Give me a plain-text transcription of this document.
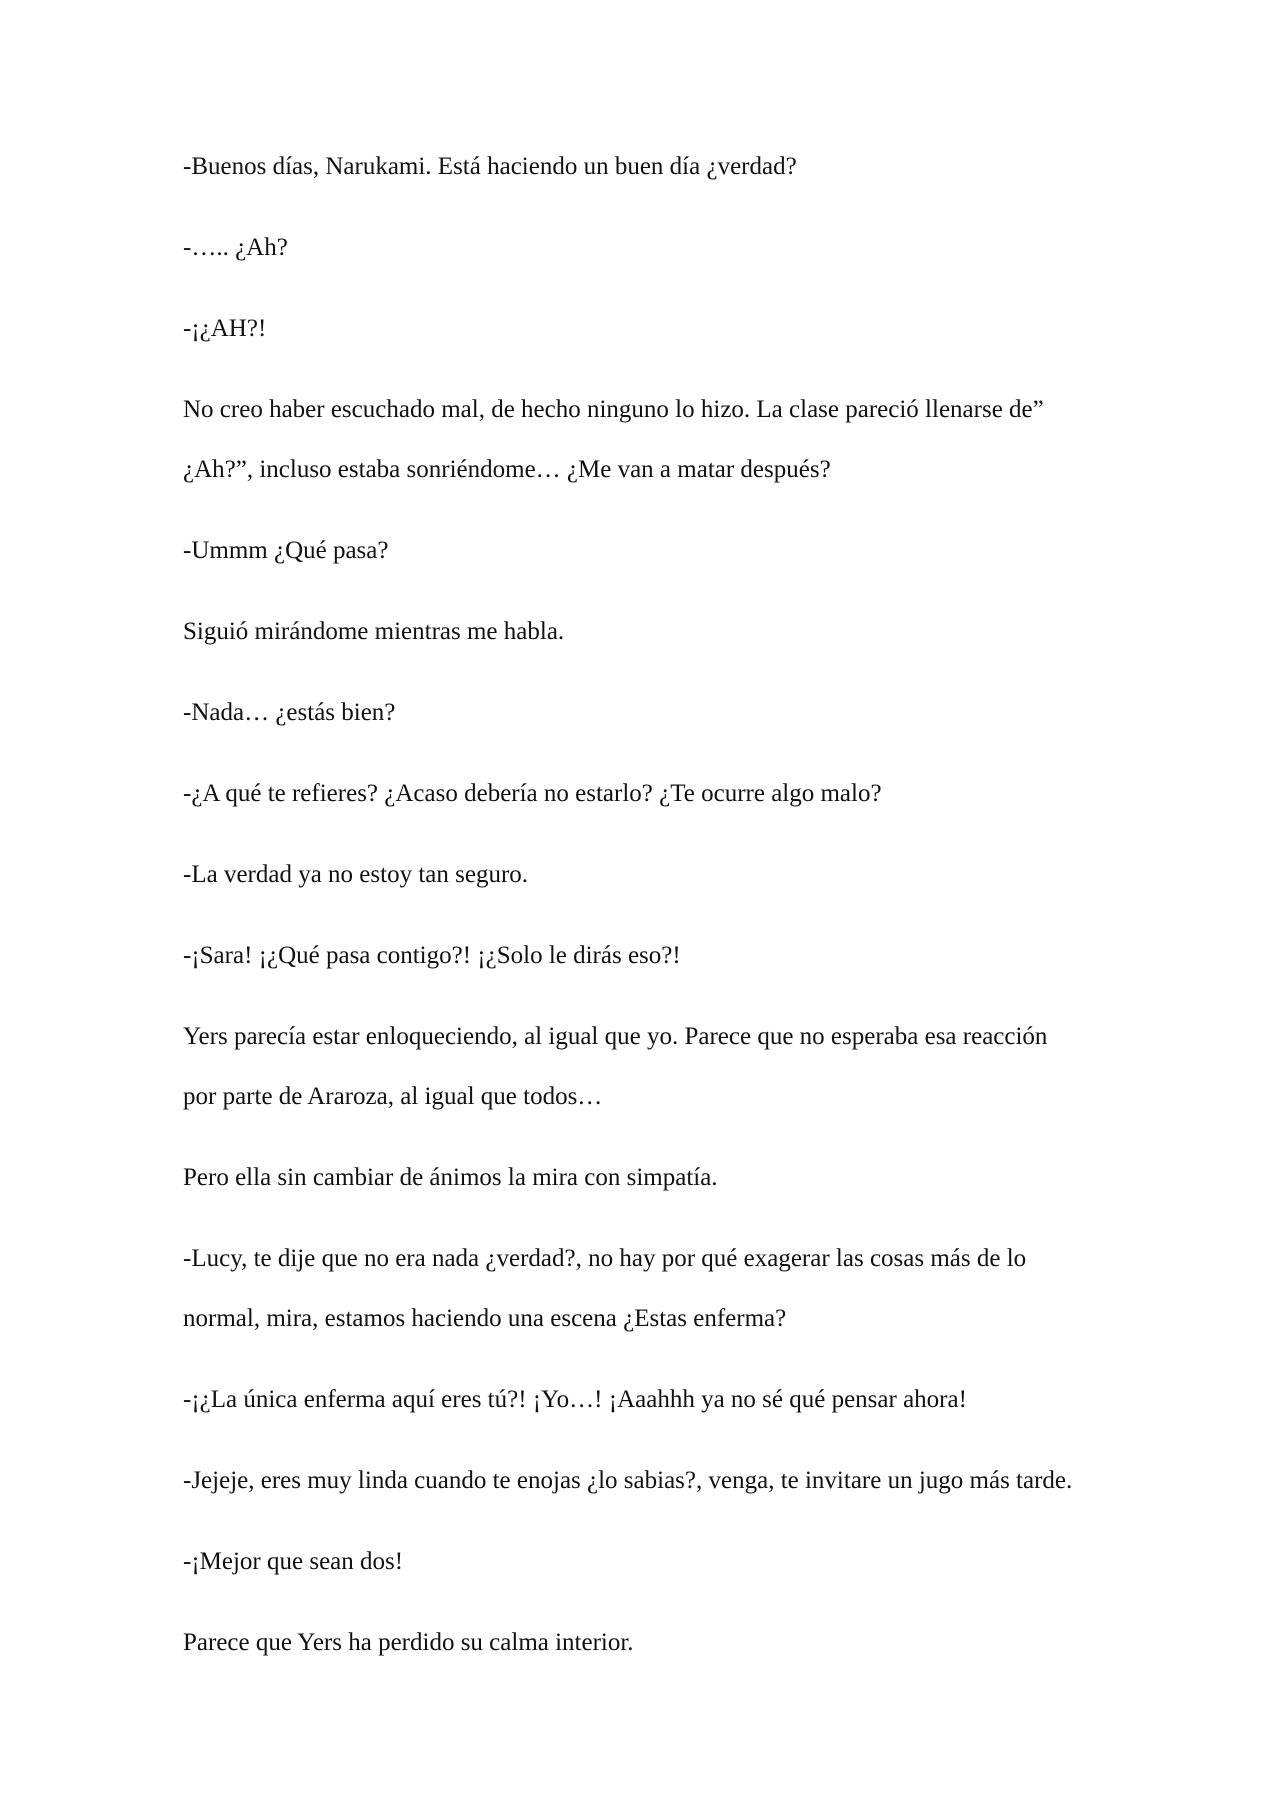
-Buenos días, Narukami. Está haciendo un buen día ¿verdad?

-….. ¿Ah?

-¡¿AH?!

No creo haber escuchado mal, de hecho ninguno lo hizo. La clase pareció llenarse de”

¿Ah?”, incluso estaba sonriéndome… ¿Me van a matar después?

-Ummm ¿Qué pasa?

Siguió mirándome mientras me habla.

-Nada… ¿estás bien?

-¿A qué te refieres? ¿Acaso debería no estarlo? ¿Te ocurre algo malo?

-La verdad ya no estoy tan seguro.

-¡Sara! ¡¿Qué pasa contigo?! ¡¿Solo le dirás eso?!

Yers parecía estar enloqueciendo, al igual que yo. Parece que no esperaba esa reacción

por parte de Araroza, al igual que todos…

Pero ella sin cambiar de ánimos la mira con simpatía.

-Lucy, te dije que no era nada ¿verdad?, no hay por qué exagerar las cosas más de lo

normal, mira, estamos haciendo una escena ¿Estas enferma?

-¡¿La única enferma aquí eres tú?! ¡Yo…! ¡Aaahhh ya no sé qué pensar ahora!

-Jejeje, eres muy linda cuando te enojas ¿lo sabias?, venga, te invitare un jugo más tarde.

-¡Mejor que sean dos!

Parece que Yers ha perdido su calma interior.
